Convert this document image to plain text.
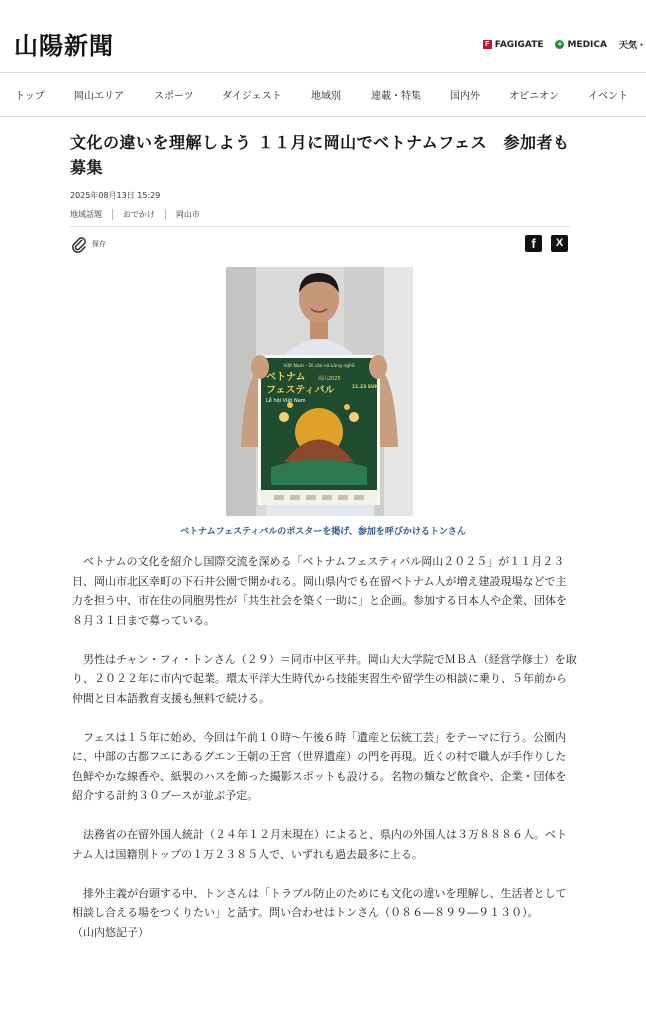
山陽新聞	F FAGIGATE + MEDICA 天気・
トップ	岡山エリア	スポーツ	ダイジェスト	地域別	連載・特集	国内外	オピニオン	イベント
文化の違いを理解しよう １１月に岡山でベトナムフェス　参加者も募集
2025年08月13日 15:29
地域話題	おでかけ	岡山市
保存	f	X
Việt Nam - Di sản và Làng nghề
ベトナム	岡山2025
フェスティバル
Lễ hội Việt Nam
11.23 SUN
ベトナムフェスティバルのポスターを掲げ、参加を呼びかけるトンさん

ベトナムの文化を紹介し国際交流を深める「ベトナムフェスティバル岡山２０２５」が１１月２３日、岡山市北区幸町の下石井公園で開かれる。岡山県内でも在留ベトナム人が増え建設現場などで主力を担う中、市在住の同胞男性が「共生社会を築く一助に」と企画。参加する日本人や企業、団体を８月３１日まで募っている。

男性はチャン・フィ・トンさん（２９）＝同市中区平井。岡山大大学院でＭＢＡ（経営学修士）を取り、２０２２年に市内で起業。環太平洋大生時代から技能実習生や留学生の相談に乗り、５年前から仲間と日本語教育支援も無料で続ける。

フェスは１５年に始め、今回は午前１０時〜午後６時「遺産と伝統工芸」をテーマに行う。公園内に、中部の古都フエにあるグエン王朝の王宮（世界遺産）の門を再現。近くの村で職人が手作りした色鮮やかな線香や、紙製のハスを飾った撮影スポットも設ける。名物の麺など飲食や、企業・団体を紹介する計約３０ブースが並ぶ予定。

法務省の在留外国人統計（２４年１２月末現在）によると、県内の外国人は３万８８８６人。ベトナム人は国籍別トップの１万２３８５人で、いずれも過去最多に上る。

排外主義が台頭する中、トンさんは「トラブル防止のためにも文化の違いを理解し、生活者として相談し合える場をつくりたい」と話す。問い合わせはトンさん（０８６―８９９―９１３０）。

（山内悠記子）
